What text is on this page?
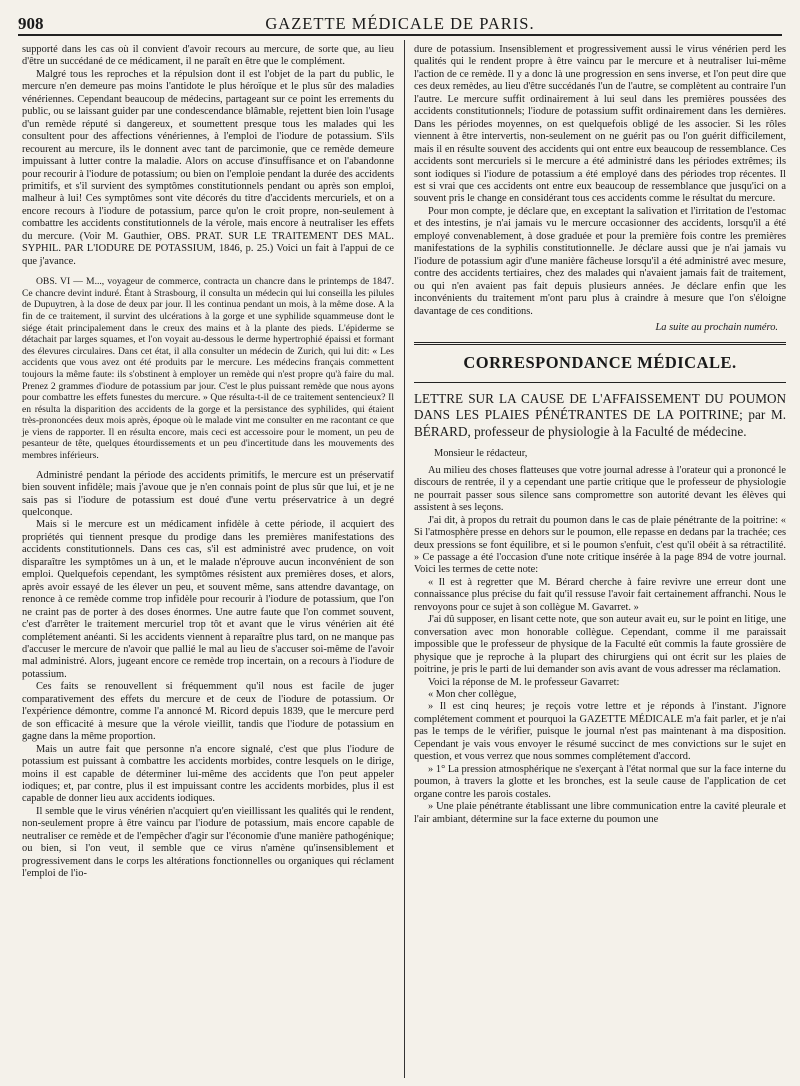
908	GAZETTE MÉDICALE DE PARIS.

supporté dans les cas où il convient d'avoir recours au mercure, de sorte que, au lieu d'être un succédané de ce médicament, il ne paraît en être que le complément.

Malgré tous les reproches et la répulsion dont il est l'objet de la part du public, le mercure n'en demeure pas moins l'antidote le plus héroïque et le plus sûr des maladies vénériennes. Cependant beaucoup de médecins, partageant sur ce point les errements du public, ou se laissant guider par une condescendance blâmable, rejettent bien loin l'usage d'un remède réputé si dangereux, et soumettent presque tous les malades qui les consultent pour des affections vénériennes, à l'emploi de l'iodure de potassium. S'ils recourent au mercure, ils le donnent avec tant de parcimonie, que ce remède demeure impuissant à lutter contre la maladie. Alors on accuse d'insuffisance et on l'abandonne pour recourir à l'iodure de potassium; ou bien on l'emploie pendant la durée des accidents primitifs, et s'il survient des symptômes constitutionnels pendant ou après son emploi, malheur à lui! Ces symptômes sont vite décorés du titre d'accidents mercuriels, et on a encore recours à l'iodure de potassium, parce qu'on le croit propre, non-seulement à combattre les accidents constitutionnels de la vérole, mais encore à neutraliser les effets du mercure. (Voir M. Gauthier, OBS. PRAT. SUR LE TRAITEMENT DES MAL. SYPHIL. PAR L'IODURE DE POTASSIUM, 1846, p. 25.) Voici un fait à l'appui de ce que j'avance.

OBS. VI — M..., voyageur de commerce, contracta un chancre dans le printemps de 1847. Ce chancre devint induré. Étant à Strasbourg, il consulta un médecin qui lui conseilla les pilules de Dupuytren, à la dose de deux par jour. Il les continua pendant un mois, à la même dose. A la fin de ce traitement, il survint des ulcérations à la gorge et une syphilide squammeuse dont le siége était principalement dans le creux des mains et à la plante des pieds. L'épiderme se détachait par larges squames, et l'on voyait au-dessous le derme hypertrophié épaissi et formant des élevures circulaires. Dans cet état, il alla consulter un médecin de Zurich, qui lui dit: « Les accidents que vous avez ont été produits par le mercure. Les médecins français commettent toujours la même faute: ils s'obstinent à employer un remède qui n'est propre qu'à faire du mal. Prenez 2 grammes d'iodure de potassium par jour. C'est le plus puissant remède que nous ayons pour combattre les effets funestes du mercure. » Que résulta-t-il de ce traitement sentencieux? Il en résulta la disparition des accidents de la gorge et la persistance des syphilides, qui étaient très-prononcées deux mois après, époque où le malade vint me consulter en me racontant ce que je viens de rapporter. Il en résulta encore, mais ceci est accessoire pour le moment, un peu de pesanteur de tête, quelques étourdissements et un peu d'incertitude dans les mouvements des membres inférieurs.

Administré pendant la période des accidents primitifs, le mercure est un préservatif bien souvent infidèle; mais j'avoue que je n'en connais point de plus sûr que lui, et je ne sais pas si l'iodure de potassium est doué d'une vertu préservatrice à un degré quelconque.

Mais si le mercure est un médicament infidèle à cette période, il acquiert des propriétés qui tiennent presque du prodige dans les premières manifestations des accidents constitutionnels. Dans ces cas, s'il est administré avec prudence, on voit disparaître les symptômes un à un, et le malade n'éprouve aucun inconvénient de son emploi. Quelquefois cependant, les symptômes résistent aux premières doses, et alors, après avoir essayé de les élever un peu, et souvent même, sans attendre davantage, on renonce à ce remède comme trop infidèle pour recourir à l'iodure de potassium, que l'on ne craint pas de porter à des doses énormes. Une autre faute que l'on commet souvent, c'est d'arrêter le traitement mercuriel trop tôt et avant que le virus vénérien ait été complétement anéanti. Si les accidents viennent à reparaître plus tard, on ne manque pas d'accuser le mercure de n'avoir que pallié le mal au lieu de s'accuser soi-même de l'avoir mal administré. Alors, jugeant encore ce remède trop incertain, on a recours à l'iodure de potassium.

Ces faits se renouvellent si fréquemment qu'il nous est facile de juger comparativement des effets du mercure et de ceux de l'iodure de potassium. Or l'expérience démontre, comme l'a annoncé M. Ricord depuis 1839, que le mercure perd de son efficacité à mesure que la vérole vieillit, tandis que l'iodure de potassium en gagne dans la même proportion.

Mais un autre fait que personne n'a encore signalé, c'est que plus l'iodure de potassium est puissant à combattre les accidents morbides, contre lesquels on le dirige, moins il est capable de déterminer lui-même des accidents que l'on peut appeler iodiques; et, par contre, plus il est impuissant contre les accidents morbides, plus il est capable de donner lieu aux accidents iodiques.

Il semble que le virus vénérien n'acquiert qu'en vieillissant les qualités qui le rendent, non-seulement propre à être vaincu par l'iodure de potassium, mais encore capable de neutraliser ce remède et de l'empêcher d'agir sur l'économie d'une manière pathogénique; ou bien, si l'on veut, il semble que ce virus n'amène qu'insensiblement et progressivement dans le corps les altérations fonctionnelles ou organiques qui réclament l'emploi de l'io-

dure de potassium. Insensiblement et progressivement aussi le virus vénérien perd les qualités qui le rendent propre à être vaincu par le mercure et à neutraliser lui-même l'action de ce remède. Il y a donc là une progression en sens inverse, et l'on peut dire que ces deux remèdes, au lieu d'être succédanés l'un de l'autre, se complètent au contraire l'un l'autre. Le mercure suffit ordinairement à lui seul dans les premières poussées des accidents constitutionnels; l'iodure de potassium suffit ordinairement dans les dernières. Dans les périodes moyennes, on est quelquefois obligé de les associer. Si les rôles viennent à être intervertis, non-seulement on ne guérit pas ou l'on guérit difficilement, mais il en résulte souvent des accidents qui ont entre eux beaucoup de ressemblance. Ces accidents sont mercuriels si le mercure a été administré dans les périodes extrêmes; ils sont iodiques si l'iodure de potassium a été employé dans des périodes trop récentes. Il est si vrai que ces accidents ont entre eux beaucoup de ressemblance que jusqu'ici on a souvent pris le change en considérant tous ces accidents comme le résultat du mercure.

Pour mon compte, je déclare que, en exceptant la salivation et l'irritation de l'estomac et des intestins, je n'ai jamais vu le mercure occasionner des accidents, lorsqu'il a été employé convenablement, à dose graduée et pour la première fois contre les premières manifestations de la syphilis constitutionnelle. Je déclare aussi que je n'ai jamais vu l'iodure de potassium agir d'une manière fâcheuse lorsqu'il a été administré avec mesure, contre des accidents tertiaires, chez des malades qui n'avaient jamais fait de traitement, ou qui n'en avaient pas fait depuis plusieurs années. Je déclare enfin que les inconvénients du traitement m'ont paru plus à craindre à mesure que l'on s'éloigne davantage de ces conditions.

La suite au prochain numéro.
CORRESPONDANCE MÉDICALE.
LETTRE SUR LA CAUSE DE L'AFFAISSEMENT DU POUMON DANS LES PLAIES PÉNÉTRANTES DE LA POITRINE; par M. BÉRARD, professeur de physiologie à la Faculté de médecine.

Monsieur le rédacteur,

Au milieu des choses flatteuses que votre journal adresse à l'orateur qui a prononcé le discours de rentrée, il y a cependant une partie critique que le professeur de physiologie ne pourrait passer sous silence sans compromettre son autorité devant les élèves qui assistent à ses leçons.

J'ai dit, à propos du retrait du poumon dans le cas de plaie pénétrante de la poitrine: « Si l'atmosphère presse en dehors sur le poumon, elle repasse en dedans par la trachée; ces deux pressions se font équilibre, et si le poumon s'enfuit, c'est qu'il obéit à sa rétractilité. » Ce passage a été l'occasion d'une note critique insérée à la page 894 de votre journal. Voici les termes de cette note:

« Il est à regretter que M. Bérard cherche à faire revivre une erreur dont une connaissance plus précise du fait qu'il ressuse l'avoir fait certainement affranchi. Nous le renvoyons pour ce sujet à son collègue M. Gavarret. »

J'ai dû supposer, en lisant cette note, que son auteur avait eu, sur le point en litige, une conversation avec mon honorable collègue. Cependant, comme il me paraissait impossible que le professeur de physique de la Faculté eût commis la faute grossière de physique que je reproche à la plupart des chirurgiens qui ont écrit sur les plaies de poitrine, je pris le parti de lui demander son avis avant de vous adresser ma réclamation.

Voici la réponse de M. le professeur Gavarret:

« Mon cher collègue,

» Il est cinq heures; je reçois votre lettre et je réponds à l'instant. J'ignore complétement comment et pourquoi la GAZETTE MÉDICALE m'a fait parler, et je n'ai pas le temps de le vérifier, puisque le journal n'est pas maintenant à ma disposition. Cependant je vais vous envoyer le résumé succinct de mes convictions sur le sujet en question, et vous verrez que nous sommes complétement d'accord.

» 1° La pression atmosphérique ne s'exerçant à l'état normal que sur la face interne du poumon, à travers la glotte et les bronches, est la seule cause de l'application de cet organe contre les parois costales.

» Une plaie pénétrante établissant une libre communication entre la cavité pleurale et l'air ambiant, détermine sur la face externe du poumon une
